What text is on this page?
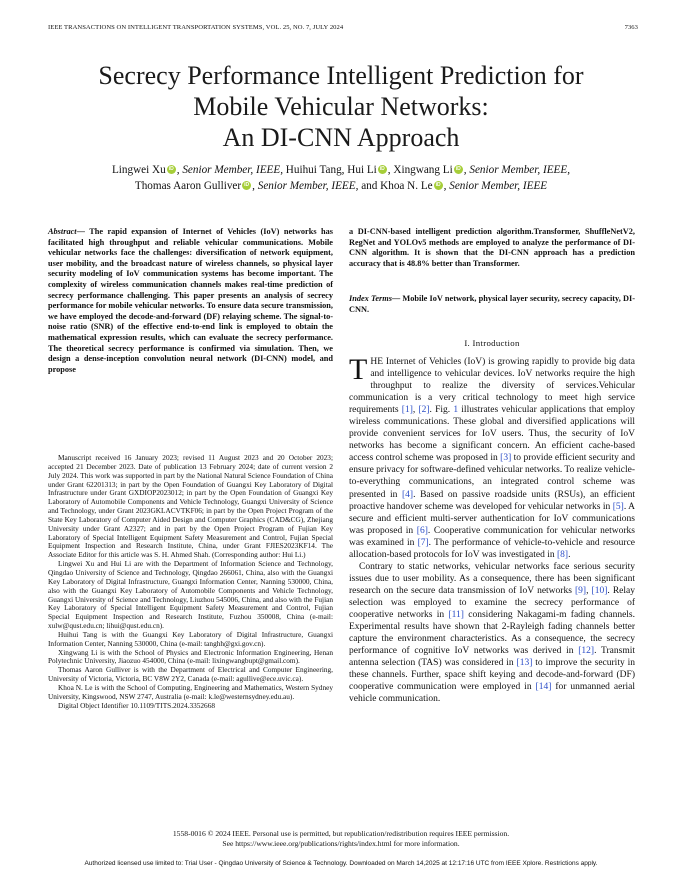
IEEE TRANSACTIONS ON INTELLIGENT TRANSPORTATION SYSTEMS, VOL. 25, NO. 7, JULY 2024	7363
Secrecy Performance Intelligent Prediction for
Mobile Vehicular Networks:
An DI-CNN Approach
Lingwei Xu iD , Senior Member, IEEE, Huihui Tang, Hui Li iD , Xingwang Li iD , Senior Member, IEEE,
Thomas Aaron Gulliver iD , Senior Member, IEEE, and Khoa N. Le iD , Senior Member, IEEE
Abstract— The rapid expansion of Internet of Vehicles (IoV) networks has facilitated high throughput and reliable vehicular communications. Mobile vehicular networks face the challenges: diversification of network equipment, user mobility, and the broadcast nature of wireless channels, so physical layer security modeling of IoV communication systems has become important. The complexity of wireless communication channels makes real-time prediction of secrecy performance challenging. This paper presents an analysis of secrecy performance for mobile vehicular networks. To ensure data secure transmission, we have employed the decode-and-forward (DF) relaying scheme. The signal-to-noise ratio (SNR) of the effective end-to-end link is employed to obtain the mathematical expression results, which can evaluate the secrecy performance. The theoretical secrecy performance is confirmed via simulation. Then, we design a dense-inception convolution neural network (DI-CNN) model, and propose

Manuscript received 16 January 2023; revised 11 August 2023 and 20 October 2023; accepted 21 December 2023. Date of publication 13 February 2024; date of current version 2 July 2024. This work was supported in part by the National Natural Science Foundation of China under Grant 62201313; in part by the Open Foundation of Guangxi Key Laboratory of Digital Infrastructure under Grant GXDIOP2023012; in part by the Open Foundation of Guangxi Key Laboratory of Automobile Components and Vehicle Technology, Guangxi University of Science and Technology, under Grant 2023GKLACVTKF06; in part by the Open Project Program of the State Key Laboratory of Computer Aided Design and Computer Graphics (CAD&CG), Zhejiang University under Grant A2327; and in part by the Open Project Program of Fujian Key Laboratory of Special Intelligent Equipment Safety Measurement and Control, Fujian Special Equipment Inspection and Research Institute, China, under Grant FJIES2023KF14. The Associate Editor for this article was S. H. Ahmed Shah. (Corresponding author: Hui Li.)

Lingwei Xu and Hui Li are with the Department of Information Science and Technology, Qingdao University of Science and Technology, Qingdao 266061, China, also with the Guangxi Key Laboratory of Digital Infrastructure, Guangxi Information Center, Nanning 530000, China, also with the Guangxi Key Laboratory of Automobile Components and Vehicle Technology, Guangxi University of Science and Technology, Liuzhou 545006, China, and also with the Fujian Key Laboratory of Special Intelligent Equipment Safety Measurement and Control, Fujian Special Equipment Inspection and Research Institute, Fuzhou 350008, China (e-mail: xulw@qust.edu.cn; lihui@qust.edu.cn).

Huihui Tang is with the Guangxi Key Laboratory of Digital Infrastructure, Guangxi Information Center, Nanning 530000, China (e-mail: tanghh@gxi.gov.cn).

Xingwang Li is with the School of Physics and Electronic Information Engineering, Henan Polytechnic University, Jiaozuo 454000, China (e-mail: lixingwangbupt@gmail.com).

Thomas Aaron Gulliver is with the Department of Electrical and Computer Engineering, University of Victoria, Victoria, BC V8W 2Y2, Canada (e-mail: agullive@ece.uvic.ca).

Khoa N. Le is with the School of Computing, Engineering and Mathematics, Western Sydney University, Kingswood, NSW 2747, Australia (e-mail: k.le@westernsydney.edu.au).

Digital Object Identifier 10.1109/TITS.2024.3352668

a DI-CNN-based intelligent prediction algorithm.Transformer, ShuffleNetV2, RegNet and YOLOv5 methods are employed to analyze the performance of DI-CNN algorithm. It is shown that the DI-CNN approach has a prediction accuracy that is 48.8% better than Transformer.
Index Terms— Mobile IoV network, physical layer security, secrecy capacity, DI-CNN.
I. Introduction

THE Internet of Vehicles (IoV) is growing rapidly to provide big data and intelligence to vehicular devices. IoV networks require the high throughput to realize the diversity of services.Vehicular communication is a very critical technology to meet high service requirements [1], [2]. Fig. 1 illustrates vehicular applications that employ wireless communications. These global and diversified applications will provide convenient services for IoV users. Thus, the security of IoV networks has become a significant concern. An efficient cache-based access control scheme was proposed in [3] to provide efficient security and ensure privacy for software-defined vehicular networks. To realize vehicle-to-everything communications, an integrated control scheme was presented in [4]. Based on passive roadside units (RSUs), an efficient proactive handover scheme was developed for vehicular networks in [5]. A secure and efficient multi-server authentication for IoV communications was proposed in [6]. Cooperative communication for vehicular networks was examined in [7]. The performance of vehicle-to-vehicle and resource allocation-based protocols for IoV was investigated in [8].

Contrary to static networks, vehicular networks face serious security issues due to user mobility. As a consequence, there has been significant research on the secure data transmission of IoV networks [9], [10]. Relay selection was employed to examine the secrecy performance of cooperative networks in [11] considering Nakagami-m fading channels. Experimental results have shown that 2-Rayleigh fading channels better capture the environment characteristics. As a consequence, the secrecy performance of cognitive IoV networks was derived in [12]. Transmit antenna selection (TAS) was considered in [13] to improve the security in these channels. Further, space shift keying and decode-and-forward (DF) cooperative communication were employed in [14] for unmanned aerial vehicle communication.

1558-0016 © 2024 IEEE. Personal use is permitted, but republication/redistribution requires IEEE permission.
See https://www.ieee.org/publications/rights/index.html for more information.
Authorized licensed use limited to: Trial User - Qingdao University of Science & Technology. Downloaded on March 14,2025 at 12:17:16 UTC from IEEE Xplore. Restrictions apply.
